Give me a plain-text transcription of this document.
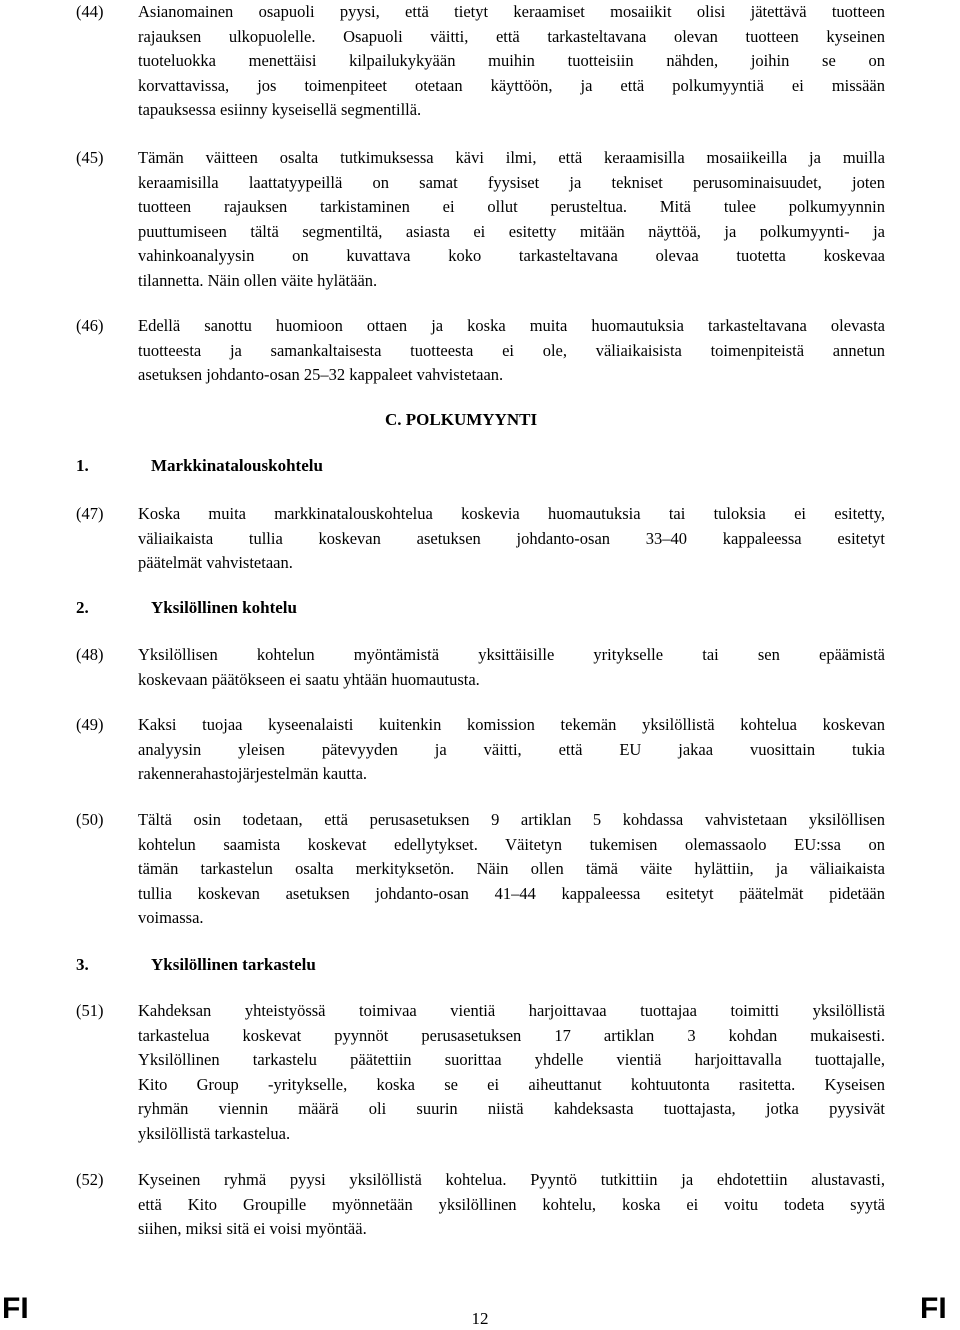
(44) Asianomainen osapuoli pyysi, että tietyt keraamiset mosaiikit olisi jätettävä tuotteen
rajauksen ulkopuolelle. Osapuoli väitti, että tarkasteltavana olevan tuotteen kyseinen
tuoteluokka menettäisi kilpailukykyään muihin tuotteisiin nähden, joihin se on
korvattavissa, jos toimenpiteet otetaan käyttöön, ja että polkumyyntiä ei missään
tapauksessa esiinny kyseisellä segmentillä.
(45) Tämän väitteen osalta tutkimuksessa kävi ilmi, että keraamisilla mosaiikeilla ja muilla
keraamisilla laattatyypeillä on samat fyysiset ja tekniset perusominaisuudet, joten
tuotteen rajauksen tarkistaminen ei ollut perusteltua. Mitä tulee polkumyynnin
puuttumiseen tältä segmentiltä, asiasta ei esitetty mitään näyttöä, ja polkumyynti- ja
vahinkoanalyysin on kuvattava koko tarkasteltavana olevaa tuotetta koskevaa
tilannetta. Näin ollen väite hylätään.
(46) Edellä sanottu huomioon ottaen ja koska muita huomautuksia tarkasteltavana olevasta
tuotteesta ja samankaltaisesta tuotteesta ei ole, väliaikaisista toimenpiteistä annetun
asetuksen johdanto-osan 25–32 kappaleet vahvistetaan.
C. POLKUMYYNTI
1.	Markkinatalouskohtelu
(47) Koska muita markkinatalouskohtelua koskevia huomautuksia tai tuloksia ei esitetty,
väliaikaista tullia koskevan asetuksen johdanto-osan 33–40 kappaleessa esitetyt
päätelmät vahvistetaan.
2.	Yksilöllinen kohtelu
(48) Yksilöllisen kohtelun myöntämistä yksittäisille yritykselle tai sen epäämistä
koskevaan päätökseen ei saatu yhtään huomautusta.
(49) Kaksi tuojaa kyseenalaisti kuitenkin komission tekemän yksilöllistä kohtelua koskevan
analyysin yleisen pätevyyden ja väitti, että EU jakaa vuosittain tukia
rakennerahastojärjestelmän kautta.
(50) Tältä osin todetaan, että perusasetuksen 9 artiklan 5 kohdassa vahvistetaan yksilöllisen
kohtelun saamista koskevat edellytykset. Väitetyn tukemisen olemassaolo EU:ssa on
tämän tarkastelun osalta merkityksetön. Näin ollen tämä väite hylättiin, ja väliaikaista
tullia koskevan asetuksen johdanto-osan 41–44 kappaleessa esitetyt päätelmät pidetään
voimassa.
3.	Yksilöllinen tarkastelu
(51) Kahdeksan yhteistyössä toimivaa vientiä harjoittavaa tuottajaa toimitti yksilöllistä
tarkastelua koskevat pyynnöt perusasetuksen 17 artiklan 3 kohdan mukaisesti.
Yksilöllinen tarkastelu päätettiin suorittaa yhdelle vientiä harjoittavalla tuottajalle,
Kito Group -yritykselle, koska se ei aiheuttanut kohtuutonta rasitetta. Kyseisen
ryhmän viennin määrä oli suurin niistä kahdeksasta tuottajasta, jotka pyysivät
yksilöllistä tarkastelua.
(52) Kyseinen ryhmä pyysi yksilöllistä kohtelua. Pyyntö tutkittiin ja ehdotettiin alustavasti,
että Kito Groupille myönnetään yksilöllinen kohtelu, koska ei voitu todeta syytä
siihen, miksi sitä ei voisi myöntää.
FI	12	FI
